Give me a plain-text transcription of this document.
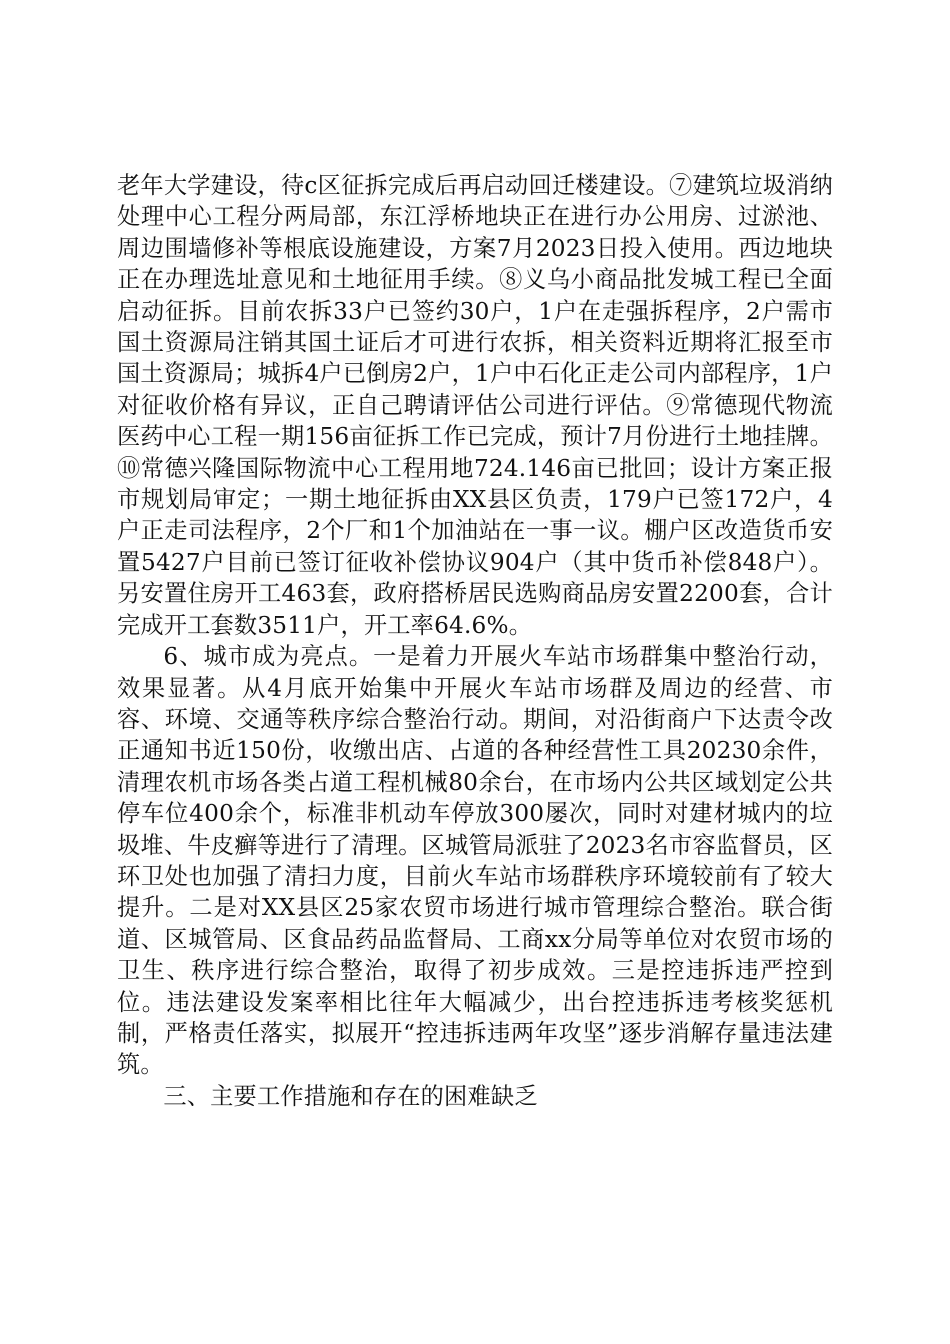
老年大学建设，待c区征拆完成后再启动回迁楼建设。⑦建筑垃圾消纳处理中心工程分两局部，东江浮桥地块正在进行办公用房、过淤池、周边围墙修补等根底设施建设，方案7月2023日投入使用。西边地块正在办理选址意见和土地征用手续。⑧义乌小商品批发城工程已全面启动征拆。目前农拆33户已签约30户，1户在走强拆程序，2户需市国土资源局注销其国土证后才可进行农拆，相关资料近期将汇报至市国土资源局；城拆4户已倒房2户，1户中石化正走公司内部程序，1户对征收价格有异议，正自己聘请评估公司进行评估。⑨常德现代物流医药中心工程一期156亩征拆工作已完成，预计7月份进行土地挂牌。⑩常德兴隆国际物流中心工程用地724.146亩已批回；设计方案正报市规划局审定；一期土地征拆由XX县区负责，179户已签172户，4户正走司法程序，2个厂和1个加油站在一事一议。棚户区改造货币安置5427户目前已签订征收补偿协议904户（其中货币补偿848户）。另安置住房开工463套，政府搭桥居民选购商品房安置2200套，合计完成开工套数3511户，开工率64.6%。

6、城市成为亮点。一是着力开展火车站市场群集中整治行动，效果显著。从4月底开始集中开展火车站市场群及周边的经营、市容、环境、交通等秩序综合整治行动。期间，对沿街商户下达责令改正通知书近150份，收缴出店、占道的各种经营性工具20230余件，清理农机市场各类占道工程机械80余台，在市场内公共区域划定公共停车位400余个，标准非机动车停放300屡次，同时对建材城内的垃圾堆、牛皮癣等进行了清理。区城管局派驻了2023名市容监督员，区环卫处也加强了清扫力度，目前火车站市场群秩序环境较前有了较大提升。二是对XX县区25家农贸市场进行城市管理综合整治。联合街道、区城管局、区食品药品监督局、工商xx分局等单位对农贸市场的卫生、秩序进行综合整治，取得了初步成效。三是控违拆违严控到位。违法建设发案率相比往年大幅减少，出台控违拆违考核奖惩机制，严格责任落实，拟展开“控违拆违两年攻坚”逐步消解存量违法建筑。

三、主要工作措施和存在的困难缺乏
